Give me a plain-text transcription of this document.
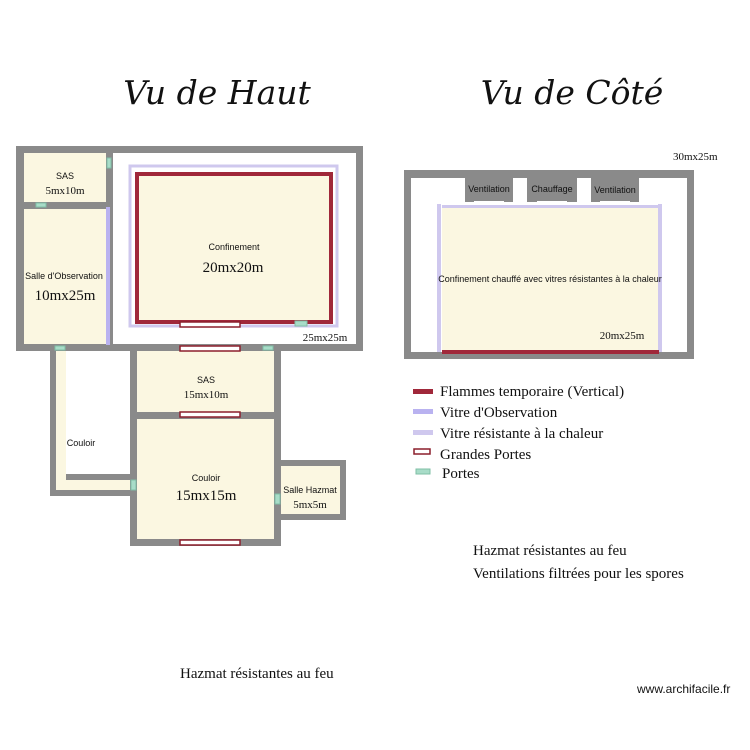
Vu de Haut	Vu de Côté
SAS
5mx10m
Salle d'Observation
10mx25m
Confinement
20mx20m
25mx25m
SAS
15mx10m
Couloir
Couloir
15mx15m	Salle Hazmat
5mx5m
30mx25m
Ventilation Chauffage Ventilation
Confinement chauffé avec vitres résistantes à la chaleur
20mx25m
Flammes temporaire (Vertical)
Vitre d'Observation
Vitre résistante à la chaleur
Grandes Portes
Portes
Hazmat résistantes au feu
Ventilations filtrées pour les spores
Hazmat résistantes au feu
www.archifacile.fr
